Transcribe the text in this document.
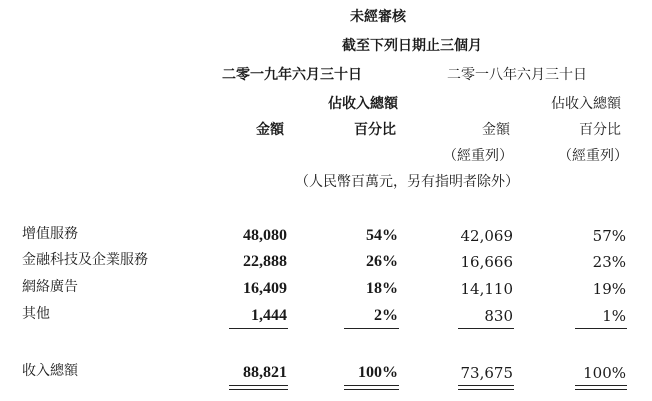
未經審核
截至下列日期止三個月
二零一九年六月三十日	二零一八年六月三十日
佔收入總額	佔收入總額
金額	百分比	金額	百分比
（經重列）	（經重列）
（人民幣百萬元，另有指明者除外）
增值服務	48,080	54%	42,069	57%
金融科技及企業服務	22,888	26%	16,666	23%
網絡廣告	16,409	18%	14,110	19%
其他	1,444	2%	830	1%
收入總額	88,821	100%	73,675	100%
